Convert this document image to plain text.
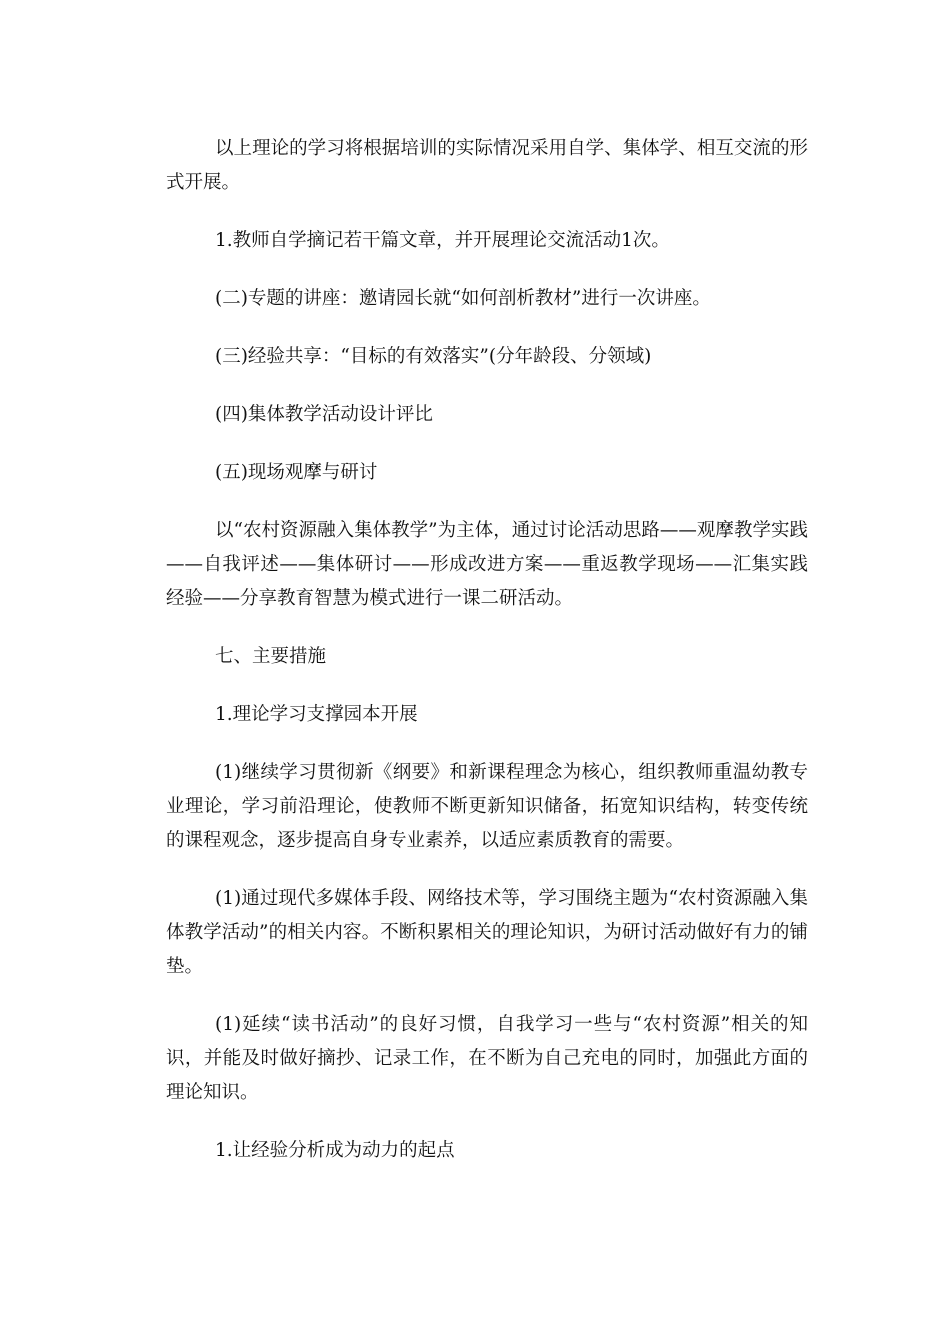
以上理论的学习将根据培训的实际情况采用自学、集体学、相互交流的形式开展。

1.教师自学摘记若干篇文章，并开展理论交流活动1次。

(二)专题的讲座：邀请园长就“如何剖析教材”进行一次讲座。

(三)经验共享：“目标的有效落实”(分年龄段、分领域)

(四)集体教学活动设计评比

(五)现场观摩与研讨

以“农村资源融入集体教学”为主体，通过讨论活动思路——观摩教学实践——自我评述——集体研讨——形成改进方案——重返教学现场——汇集实践经验——分享教育智慧为模式进行一课二研活动。

七、主要措施

1.理论学习支撑园本开展

(1)继续学习贯彻新《纲要》和新课程理念为核心，组织教师重温幼教专业理论，学习前沿理论，使教师不断更新知识储备，拓宽知识结构，转变传统的课程观念，逐步提高自身专业素养，以适应素质教育的需要。

(1)通过现代多媒体手段、网络技术等，学习围绕主题为“农村资源融入集体教学活动”的相关内容。不断积累相关的理论知识，为研讨活动做好有力的铺垫。

(1)延续“读书活动”的良好习惯，自我学习一些与“农村资源”相关的知识，并能及时做好摘抄、记录工作，在不断为自己充电的同时，加强此方面的理论知识。

1.让经验分析成为动力的起点
